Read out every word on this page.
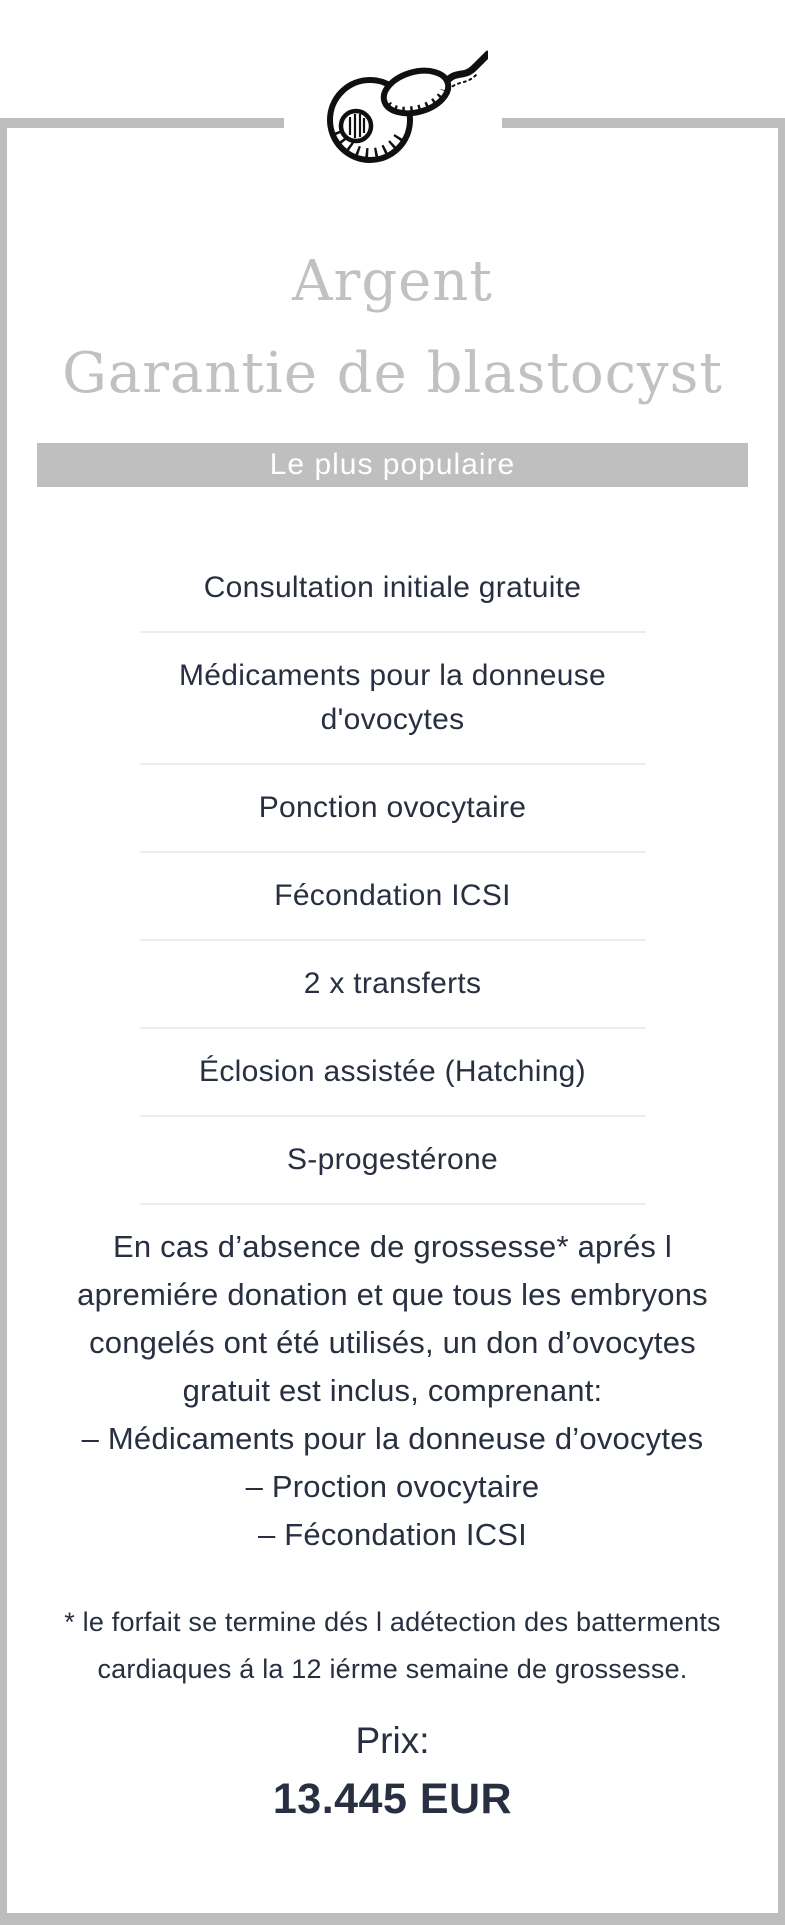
Argent
Garantie de blastocyst
Le plus populaire
Consultation initiale gratuite
Médicaments pour la donneuse d'ovocytes
Ponction ovocytaire
Fécondation ICSI
2 x transferts
Éclosion assistée (Hatching)
S-progestérone
En cas d’absence de grossesse* aprés l
apremiére donation et que tous les embryons
congelés ont été utilisés, un don d’ovocytes
gratuit est inclus, comprenant:
– Médicaments pour la donneuse d’ovocytes
– Proction ovocytaire
– Fécondation ICSI
* le forfait se termine dés l adétection des batterments
cardiaques á la 12 iérme semaine de grossesse.
Prix:
13.445 EUR
